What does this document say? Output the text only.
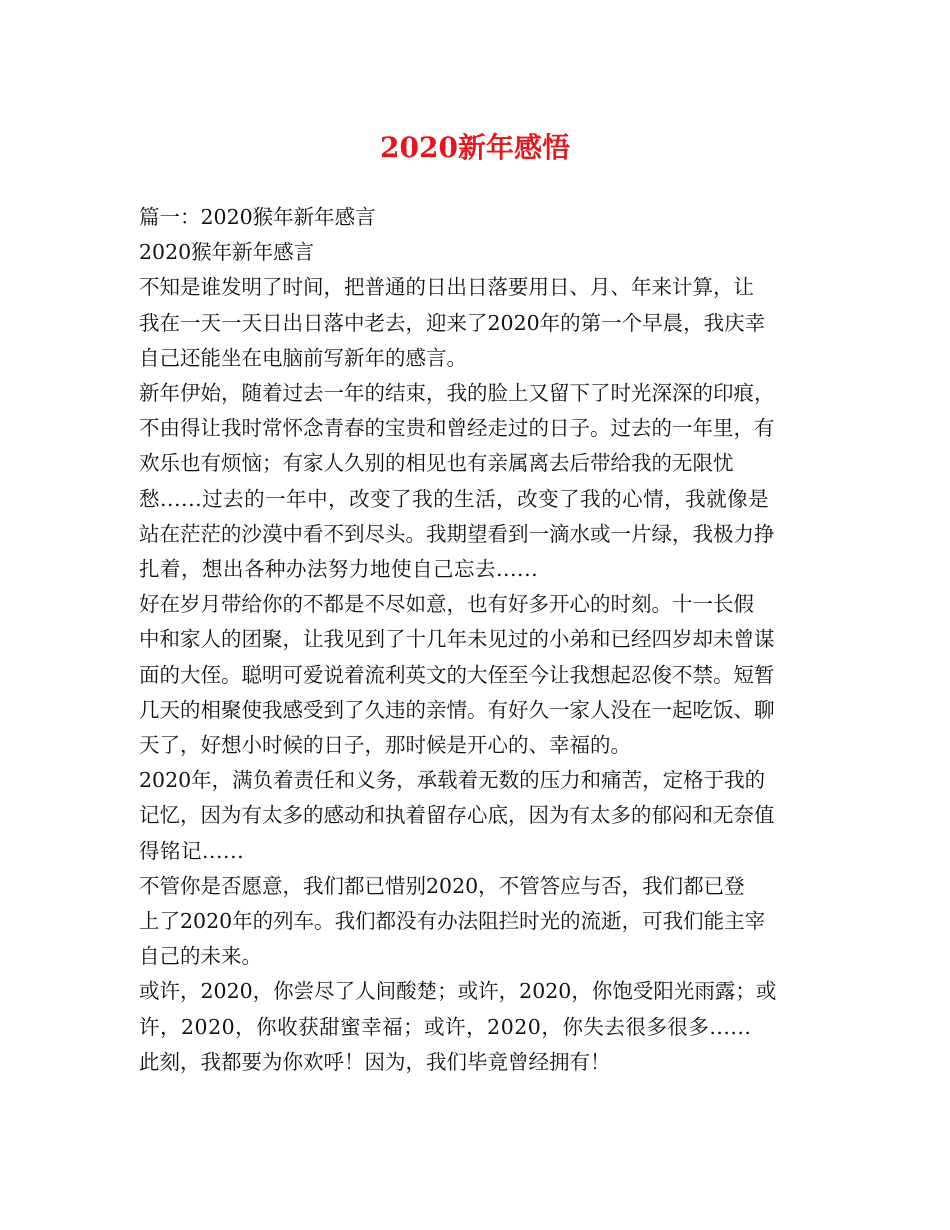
2020新年感悟

篇一：2020猴年新年感言

2020猴年新年感言

不知是谁发明了时间，把普通的日出日落要用日、月、年来计算，让

我在一天一天日出日落中老去，迎来了2020年的第一个早晨，我庆幸

自己还能坐在电脑前写新年的感言。

新年伊始，随着过去一年的结束，我的脸上又留下了时光深深的印痕，

不由得让我时常怀念青春的宝贵和曾经走过的日子。过去的一年里，有

欢乐也有烦恼；有家人久别的相见也有亲属离去后带给我的无限忧

愁......过去的一年中，改变了我的生活，改变了我的心情，我就像是

站在茫茫的沙漠中看不到尽头。我期望看到一滴水或一片绿，我极力挣

扎着，想出各种办法努力地使自己忘去......

好在岁月带给你的不都是不尽如意，也有好多开心的时刻。十一长假

中和家人的团聚，让我见到了十几年未见过的小弟和已经四岁却未曾谋

面的大侄。聪明可爱说着流利英文的大侄至今让我想起忍俊不禁。短暂

几天的相聚使我感受到了久违的亲情。有好久一家人没在一起吃饭、聊

天了，好想小时候的日子，那时候是开心的、幸福的。

2020年，满负着责任和义务，承载着无数的压力和痛苦，定格于我的

记忆，因为有太多的感动和执着留存心底，因为有太多的郁闷和无奈值

得铭记......

不管你是否愿意，我们都已惜别2020，不管答应与否，我们都已登

上了2020年的列车。我们都没有办法阻拦时光的流逝，可我们能主宰

自己的未来。

或许，2020，你尝尽了人间酸楚；或许，2020，你饱受阳光雨露；或

许，2020，你收获甜蜜幸福；或许，2020，你失去很多很多......

此刻，我都要为你欢呼！因为，我们毕竟曾经拥有！
